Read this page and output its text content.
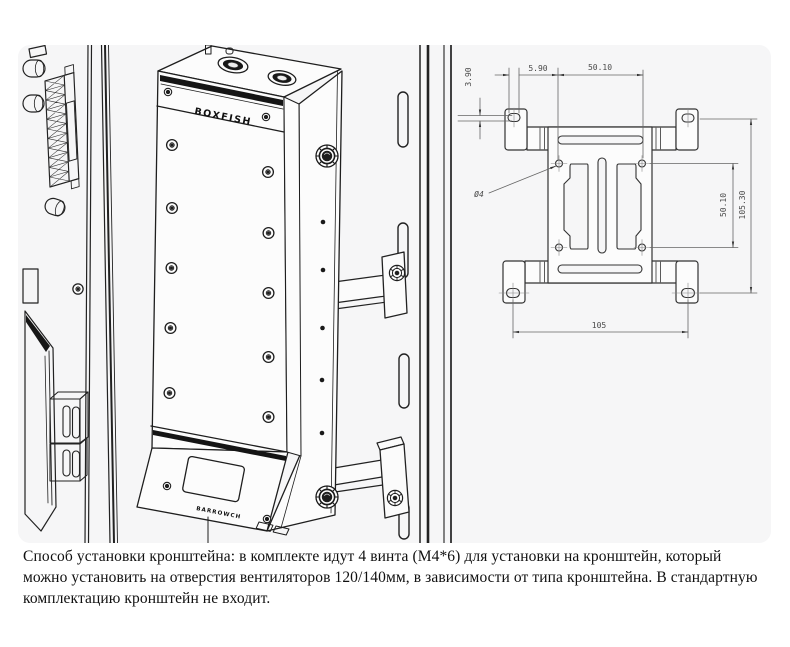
BOXFISH
BARROWCH
3.90	5.90	50.10
50.10 105.30
105
Ø4
Способ установки кронштейна: в комплекте идут 4 винта (М4*6) для установки на кронштейн, который
можно установить на отверстия вентиляторов 120/140мм, в зависимости от типа кронштейна. В стандартную
комплектацию кронштейн не входит.
